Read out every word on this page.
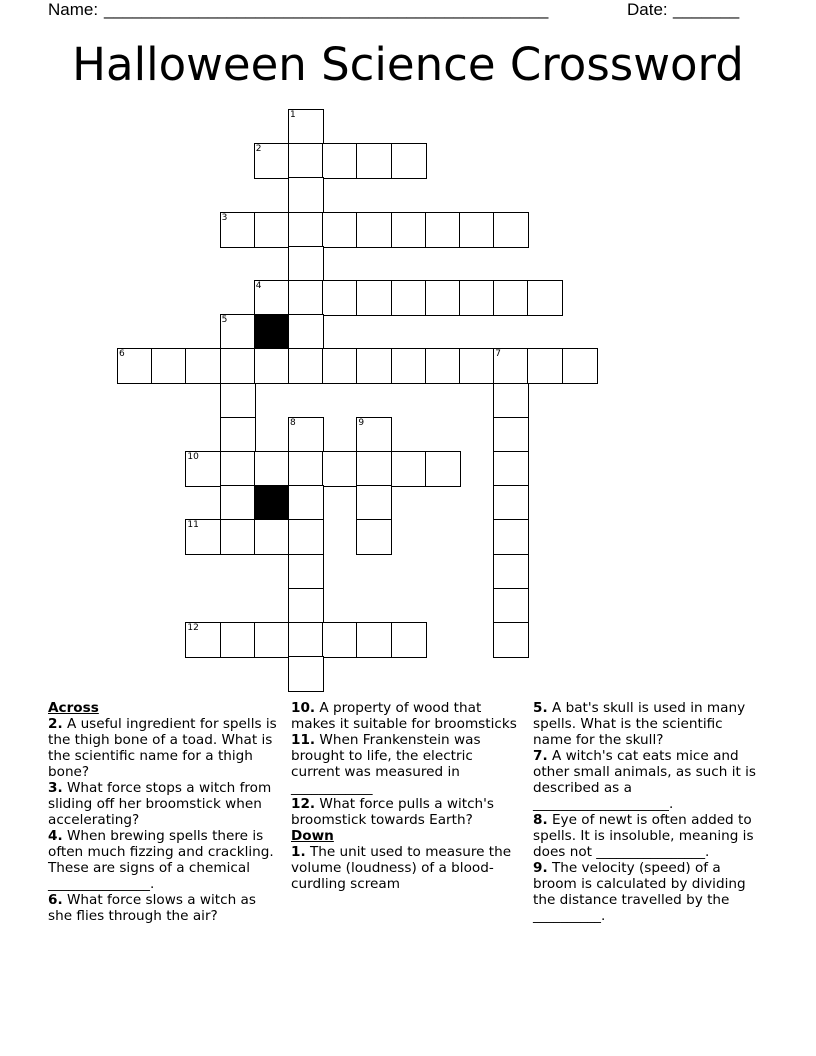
Name: _______________________________________________	Date: _______
Halloween Science Crossword
1
2
3
4
5
6	7
8	9
10
11
12
Across

2. A useful ingredient for spells is the thigh bone of a toad. What is the scientific name for a thigh bone?

3. What force stops a witch from sliding off her broomstick when accelerating?

4. When brewing spells there is often much fizzing and crackling. These are signs of a chemical _______________.

6. What force slows a witch as she flies through the air?

10. A property of wood that makes it suitable for broomsticks

11. When Frankenstein was brought to life, the electric current was measured in ____________

12. What force pulls a witch's broomstick towards Earth?

Down

1. The unit used to measure the volume (loudness) of a blood-curdling scream

5. A bat's skull is used in many spells. What is the scientific name for the skull?

7. A witch's cat eats mice and other small animals, as such it is described as a ____________________.

8. Eye of newt is often added to spells. It is insoluble, meaning is does not ________________.

9. The velocity (speed) of a broom is calculated by dividing the distance travelled by the __________.
